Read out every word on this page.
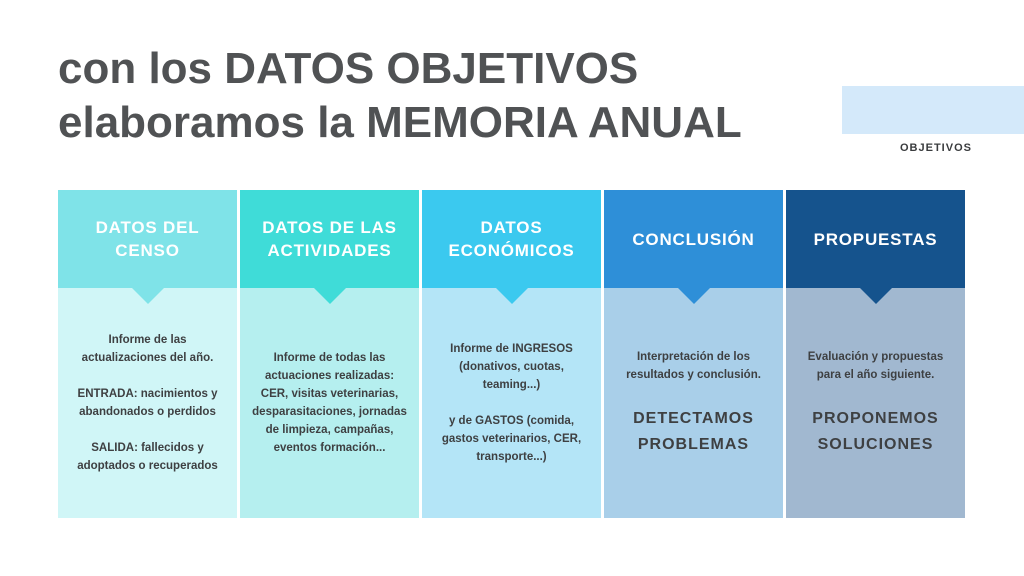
con los DATOS OBJETIVOS
elaboramos la MEMORIA ANUAL
OBJETIVOS
DATOS DEL CENSO

Informe de las actualizaciones del año.

ENTRADA: nacimientos y abandonados o perdidos

SALIDA: fallecidos y adoptados o recuperados

DATOS DE LAS ACTIVIDADES

Informe de todas las actuaciones realizadas: CER, visitas veterinarias, desparasitaciones, jornadas de limpieza, campañas, eventos formación...

DATOS ECONÓMICOS

Informe de INGRESOS (donativos, cuotas, teaming...)

y de GASTOS (comida, gastos veterinarios, CER, transporte...)

CONCLUSIÓN

Interpretación de los resultados y conclusión.

DETECTAMOS PROBLEMAS

PROPUESTAS

Evaluación y propuestas para el año siguiente.

PROPONEMOS SOLUCIONES
